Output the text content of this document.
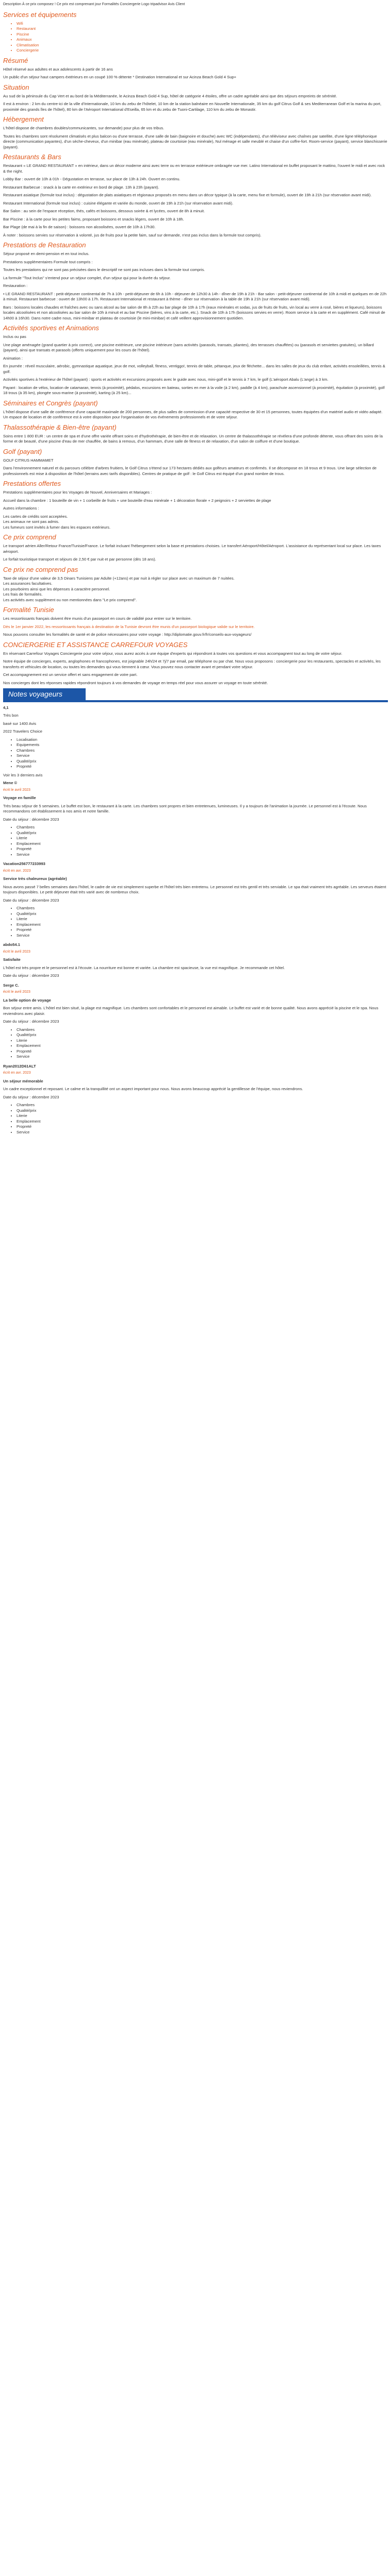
Description À ce prix composez ! Ce prix est comprenant jour Formalités Conciergerie Logo tripadvisor Avis Client

Services et équipements
• Wifi
• Restaurant
• Piscine
• Animaux
• Climatisation
• Conciergerie
Résumé

Hôtel réservé aux adultes et aux adolescents à partir de 16 ans

Un public d'un séjour haut campers éxtérieurs en un coupé 100 % détente * Destination International et sur Acinza Beach Gold 4 Sup+

Situation

Au sud de la péninsule du Cap Vert et au bord de la Méditerranée, le Acinza Beach Gold 4 Sup, hôtel de catégorie 4 étoiles, offre un cadre agréable ainsi que des séjours empreints de sérénité.

Il est à environ : 2 km du centre-ici de la ville d'Internationale, 10 km du zebu de l'hôtelet, 10 km de la station balnéaire en Nouvelle Internationale, 35 km du golf Citrus Golf & ses Mediterranean Golf et la marina du port, proximité des grands îles de l'hôtel), 80 km de l'Aéroport International d'Eseilla, 65 km et du zebu de Tuoni-Cartilage, 110 km du zebu de Monastir.

Hébergement

L'hôtel dispose de chambres doubles/communicantes, sur demande) pour plus de vos tribus.

Toutes les chambres sont résolument climatisés et plus balcon ou d'une terrasse, d'une salle de bain (baignoire et douche) avec WC (indépendants), d'un téléviseur avec chaînes par satellite, d'une ligne téléphonique directe (communication payantes), d'un sèche-cheveux, d'un minibar (eau minérale), plateau de courtoisie (eau minérale), Nul ménage et salle meublé et chaise d'un coffre-fort. Room-service (payant), service blanchisserie (payant).

Restaurants & Bars

Restaurant « LE GRAND RESTAURANT » en intérieur, dans un décor moderne ainsi avec terre ou en terrasse extérieure ombragée vue mer. Latino International en buffet proposant le mattino, l'ouvert le midi et avec rock & the night.

Lobby Bar : ouvert de 10h à 01h - Dégustation en terrasse, sur place de 13h à 24h. Ouvert en continu.

Restaurant Barbecue : snack à la carte en extérieur en bord de plage. 13h à 23h (payant).

Restaurant asiatique (formule tout inclus) : dégustation de plats asiatiques et régionaux proposés en menu dans un décor typique (à la carte, menu fixe et formule), ouvert de 19h à 21h (sur réservation avant midi).

Restaurant International (formule tout inclus) : cuisine élégante et variée du monde, ouvert de 19h à 21h (sur réservation avant midi).

Bar Salon : au sein de l'espace réception, thés, cafés et boissons, dessous soirée & et lycées, ouvert de 8h à minuit.

Bar Piscine : à la carte pour les petites faims, proposant boissons et snacks légers, ouvert de 10h à 18h.

Bar Plage (de mai à la fin de saison) : boissons non alcoolisées, ouvert de 10h à 17h30.

À noter : boissons servies sur réservation à volonté, jus de fruits pour la petite faim, sauf sur demande, n'est pas inclus dans la formule tout compris).

Prestations de Restauration

Séjour proposé en demi-pension et en tout inclus.

Prestations supplémentaires Formule tout compris :

Toutes les prestations qui ne sont pas précisées dans le descriptif ne sont pas incluses dans la formule tout compris.

La formule "Tout Inclus" s'entend pour un séjour complet, d'un séjour qui pour la durée du séjour.

Restauration :

• LE GRAND RESTAURANT : petit-déjeuner continental de 7h à 10h - petit-déjeuner de 6h à 10h - déjeuner de 12h30 à 14h - dîner de 19h à 21h - Bar salon - petit-déjeuner continental de 10h à midi et quelques en de 22h à minuit. Restaurant barbecue : ouvert de 13h00 à 17h. Restaurant International et restaurant à thème - dîner sur réservation à la table de 19h à 21h (sur réservation avant midi).

Bars : boissons locales chaudes et fraîches avec ou sans alcool au bar salon de 8h à 22h au bar plage de 10h à 17h (eaux minérales et sodas, jus de fruits de fruits, vin local au verre à rosé, bières et liqueurs), boissons locales alcoolisées et non alcoolisées au bar salon de 10h à minuit et au bar Piscine (bières, vins à la carte, etc.). Snack de 10h à 17h (boissons servies en verre). Room service à la carte et en supplément. Café minuit de 14h00 à 16h30. Dans notre cadre nous, mini-minibar et plateau de courtoisie (le mini-minibar) et café veillent approvisionnement quotidien.

Activités sportives et Animations

Inclus ou pas

Une plage aménagée (grand quartier à prix correct), une piscine extérieure, une piscine intérieure (sans activités (parasols, transats, pliantes), des terrasses chauffées) ou (parasols et serviettes gratuites), un billard (payant), ainsi que transats et parasols (offerts uniquement pour les cours de l'hôtel).

Animation :

En journée : réveil musculaire, aérobic, gymnastique aquatique, jeux de mot, volleyball, fitness, ventiggo!, tennis de table, pétanque, jeux de fléchette... dans les salles de jeux du club enfant, activités ensoleillées, tennis & golf.

Activités sportives à l'extérieur de l'hôtel (payant) : sports et activités et excursions proposés avec le guide avec nous, mini-golf et le tennis à 7 km, le golf (L'aéroport Abalu (L'ange) à 3 km.

Payant : location de vélos, location de catamaran, tennis (à proximité), pédalos, excursions en bateau, sorties en mer à la voile (à 2 km), paddle (à 4 km), parachute ascensionnel (à proximité), équitation (à proximité), golf 18 trous (à 35 km), plongée sous-marine (à proximité), karting (à 25 km)...

Séminaires et Congrès (payant)

L'hôtel dispose d'une salle de conférence d'une capacité maximale de 200 personnes, de plus salles de commission d'une capacité respective de 30 et 15 personnes, toutes équipées d'un matériel audio et vidéo adapté. Un espace de location et de conférence est à votre disposition pour l'organisation de vos événements professionnels et de votre séjour.

Thalassothérapie & Bien-être (payant)

Soins entre 1 800 EUR : un centre de spa et d'une offre variée offrant soins et d'hydrothérapie, de bien-être et de relaxation. Un centre de thalassothérapie se révélera d'une profonde détente, vous offrant des soins de la forme et de beauté, d'une piscine d'eau de mer chauffée, de bains à remous, d'un hammam, d'une salle de fitness et de relaxation, d'un salon de coiffure et d'une boutique.

Golf (payant)

GOLF CITRUS HAMMAMET

Dans l'environnement naturel et du parcours célèbre d'arbres fruitiers, le Golf Citrus s'étend sur 173 hectares dédiés aux golfeurs amateurs et confirmés. Il se décompose en 18 trous et 9 trous. Une large sélection de professionnels est mise à disposition de l'hôtel (terrains avec tarifs disponibles). Centres de pratique de golf : le Golf Citrus est équipé d'un grand nombre de trous.

Prestations offertes

Prestations supplémentaires pour les Voyages de Nouvel, Anniversaires et Mariages :

Accueil dans la chambre : 1 bouteille de vin + 1 corbeille de fruits + une bouteille d'eau minérale + 1 décoration florale + 2 peignoirs + 2 serviettes de plage

Autres informations :

Les cartes de crédits sont acceptées.
Les animaux ne sont pas admis.
Les fumeurs sont invités à fumer dans les espaces extérieurs.

Ce prix comprend

Le transport aérien Aller/Retour France/Tunisie/France. Le forfait incluant l'hébergement selon la base et prestations choisies. Le transfert Aéroport/Hôtel/Aéroport. L'assistance du représentant local sur place. Les taxes aéroport.

Le forfait touristique transport et séjours de 2,50 € par nuit et par personne (dès 18 ans).

Ce prix ne comprend pas

Taxe de séjour d'une valeur de 3,5 Dinars Tunisiens par Adulte (+12ans) et par nuit à régler sur place avec un maximum de 7 nuitées.
Les assurances facultatives.
Les pourboires ainsi que les dépenses à caractère personnel.
Les frais de formalités.
Les activités avec supplément ou non mentionnées dans "Le prix comprend".

Formalité Tunisie

Les ressortissants français doivent être munis d'un passeport en cours de validité pour entrer sur le territoire.

Dès le 1er janvier 2022, les ressortissants français à destination de la Tunisie devront être munis d'un passeport biologique valide sur le territoire.

Nous pouvons consulter les formalités de santé et de police nécessaires pour votre voyage : http://diplomatie.gouv.fr/fr/conseils-aux-voyageurs/

CONCIERGERIE ET ASSISTANCE CARREFOUR VOYAGES

En réservant Carrefour Voyages Conciergerie pour votre séjour, vous aurez accès à une équipe d'experts qui répondront à toutes vos questions et vous accompagnent tout au long de votre séjour.

Notre équipe de concierges, experts, anglophones et francophones, est joignable 24h/24 et 7j/7 par email, par téléphone ou par chat. Nous vous proposons : conciergerie pour les restaurants, spectacles et activités, les transferts et véhicules de location, ou toutes les demandes qui vous tiennent à cœur. Vous pouvez nous contacter avant et pendant votre séjour.

Cet accompagnement est un service offert et sans engagement de votre part.

Nos concierges dont les réponses rapides répondront toujours à vos demandes de voyage en temps réel pour vous assurer un voyage en toute sérénité.

Notes voyageurs

4,1

Très bon

basé sur 1400 Avis

2022 Travelers Choice

• Localisation
• Equipements
• Chambres
• Service
• Qualité/prix
• Propreté

Voir les 3 derniers avis

Mene ©

écrit le avril 2023

Voyage en famille

Très beau séjour de 5 semaines. Le buffet est bon, le restaurant à la carte. Les chambres sont propres et bien entretenues, lumineuses. Il y a toujours de l'animation la journée. Le personnel est à l'écoute. Nous recommandons cet établissement à nos amis et notre famille.

Date du séjour : décembre 2023

• Chambres
• Qualité/prix
• Literie
• Emplacement
• Propreté
• Service

Vacation256777233993

écrit en avr. 2023

Service très chaleureux (agréable)

Nous avons passé 7 belles semaines dans l'hôtel, le cadre de vie est simplement superbe et l'hôtel très bien entretenu. Le personnel est très gentil et très serviable. Le spa était vraiment très agréable. Les serveurs étaient toujours disponibles. Le petit déjeuner était très varié avec de nombreux choix.

Date du séjour : décembre 2023

• Chambres
• Qualité/prix
• Literie
• Emplacement
• Propreté
• Service

abdo54.1

écrit le avril 2023

Satisfaite

L'hôtel est très propre et le personnel est à l'écoute. La nourriture est bonne et variée. La chambre est spacieuse, la vue est magnifique. Je recommande cet hôtel.

Date du séjour : décembre 2023

Serge C.

écrit le avril 2023

La belle option de voyage

Bon séjour entre amis. L'hôtel est bien situé, la plage est magnifique. Les chambres sont confortables et le personnel est aimable. Le buffet est varié et de bonne qualité. Nous avons apprécié la piscine et le spa. Nous reviendrons avec plaisir.

Date du séjour : décembre 2023

• Chambres
• Qualité/prix
• Literie
• Emplacement
• Propreté
• Service

Ryan2012D61ALT

écrit en avr. 2023

Un séjour mémorable

Un cadre exceptionnel et reposant. Le calme et la tranquillité ont un aspect important pour nous. Nous avons beaucoup apprécié la gentillesse de l'équipe, nous reviendrons.

Date du séjour : décembre 2023

• Chambres
• Qualité/prix
• Literie
• Emplacement
• Propreté
• Service
